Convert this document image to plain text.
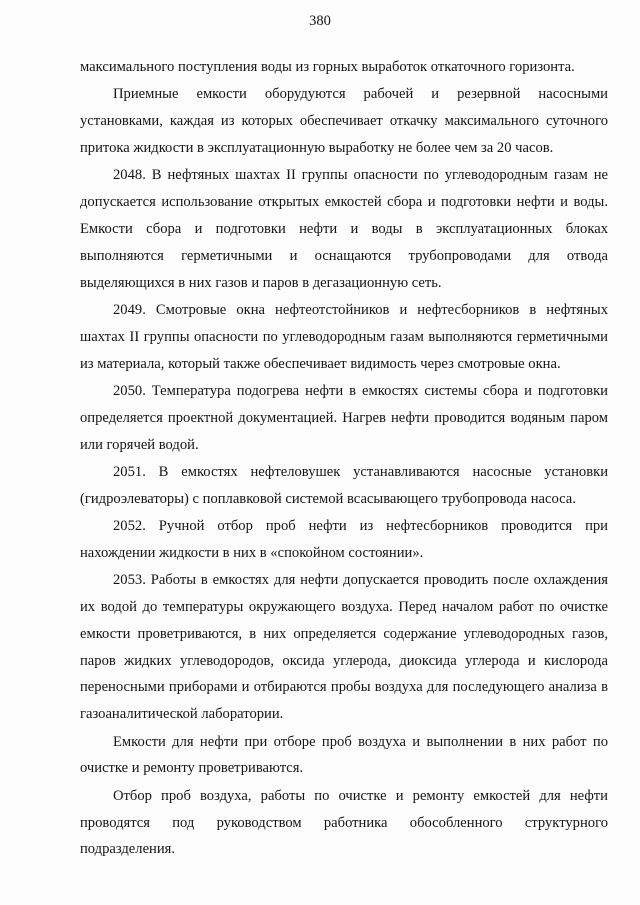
380

максимального поступления воды из горных выработок откаточного горизонта.

Приемные емкости оборудуются рабочей и резервной насосными установками, каждая из которых обеспечивает откачку максимального суточного притока жидкости в эксплуатационную выработку не более чем за 20 часов.

2048. В нефтяных шахтах II группы опасности по углеводородным газам не допускается использование открытых емкостей сбора и подготовки нефти и воды. Емкости сбора и подготовки нефти и воды в эксплуатационных блоках выполняются герметичными и оснащаются трубопроводами для отвода выделяющихся в них газов и паров в дегазационную сеть.

2049. Смотровые окна нефтеотстойников и нефтесборников в нефтяных шахтах II группы опасности по углеводородным газам выполняются герметичными из материала, который также обеспечивает видимость через смотровые окна.

2050. Температура подогрева нефти в емкостях системы сбора и подготовки определяется проектной документацией. Нагрев нефти проводится водяным паром или горячей водой.

2051. В емкостях нефтеловушек устанавливаются насосные установки (гидроэлеваторы) с поплавковой системой всасывающего трубопровода насоса.

2052. Ручной отбор проб нефти из нефтесборников проводится при нахождении жидкости в них в «спокойном состоянии».

2053. Работы в емкостях для нефти допускается проводить после охлаждения их водой до температуры окружающего воздуха. Перед началом работ по очистке емкости проветриваются, в них определяется содержание углеводородных газов, паров жидких углеводородов, оксида углерода, диоксида углерода и кислорода переносными приборами и отбираются пробы воздуха для последующего анализа в газоаналитической лаборатории.

Емкости для нефти при отборе проб воздуха и выполнении в них работ по очистке и ремонту проветриваются.

Отбор проб воздуха, работы по очистке и ремонту емкостей для нефти проводятся под руководством работника обособленного структурного подразделения.
